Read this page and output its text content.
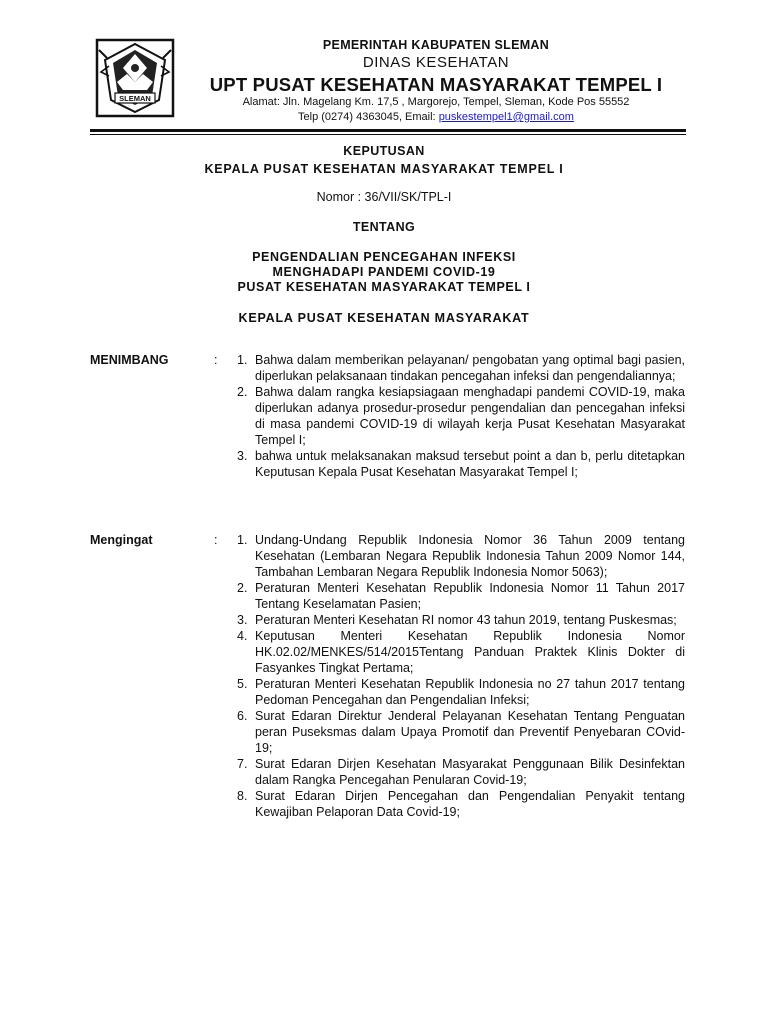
SLEMAN
PEMERINTAH KABUPATEN SLEMAN
DINAS KESEHATAN
UPT PUSAT KESEHATAN MASYARAKAT TEMPEL I
Alamat: Jln. Magelang Km. 17,5 , Margorejo, Tempel, Sleman, Kode Pos 55552
Telp (0274) 4363045, Email: puskestempel1@gmail.com
KEPUTUSAN
KEPALA PUSAT KESEHATAN MASYARAKAT TEMPEL I
Nomor : 36/VII/SK/TPL-I
TENTANG
PENGENDALIAN PENCEGAHAN INFEKSI
MENGHADAPI PANDEMI COVID-19
PUSAT KESEHATAN MASYARAKAT TEMPEL I
KEPALA PUSAT KESEHATAN MASYARAKAT
MENIMBANG	: 1. Bahwa dalam memberikan pelayanan/ pengobatan yang optimal bagi pasien, diperlukan pelaksanaan tindakan pencegahan infeksi dan pengendaliannya;
2. Bahwa dalam rangka kesiapsiagaan menghadapi pandemi COVID-19, maka diperlukan adanya prosedur-prosedur pengendalian dan pencegahan infeksi di masa pandemi COVID-19 di wilayah kerja Pusat Kesehatan Masyarakat Tempel I;
3. bahwa untuk melaksanakan maksud tersebut point a dan b, perlu ditetapkan Keputusan Kepala Pusat Kesehatan Masyarakat Tempel I;
Mengingat	: 1. Undang-Undang Republik Indonesia Nomor 36 Tahun 2009 tentang Kesehatan (Lembaran Negara Republik Indonesia Tahun 2009 Nomor 144, Tambahan Lembaran Negara Republik Indonesia Nomor 5063);
2. Peraturan Menteri Kesehatan Republik Indonesia Nomor 11 Tahun 2017 Tentang Keselamatan Pasien;
3. Peraturan Menteri Kesehatan RI nomor 43 tahun 2019, tentang Puskesmas;
4. Keputusan Menteri Kesehatan Republik Indonesia Nomor HK.02.02/MENKES/514/2015Tentang Panduan Praktek Klinis Dokter di Fasyankes Tingkat Pertama;
5. Peraturan Menteri Kesehatan Republik Indonesia no 27 tahun 2017 tentang Pedoman Pencegahan dan Pengendalian Infeksi;
6. Surat Edaran Direktur Jenderal Pelayanan Kesehatan Tentang Penguatan peran Puseksmas dalam Upaya Promotif dan Preventif Penyebaran COvid-19;
7. Surat Edaran Dirjen Kesehatan Masyarakat Penggunaan Bilik Desinfektan dalam Rangka Pencegahan Penularan Covid-19;
8. Surat Edaran Dirjen Pencegahan dan Pengendalian Penyakit tentang Kewajiban Pelaporan Data Covid-19;
